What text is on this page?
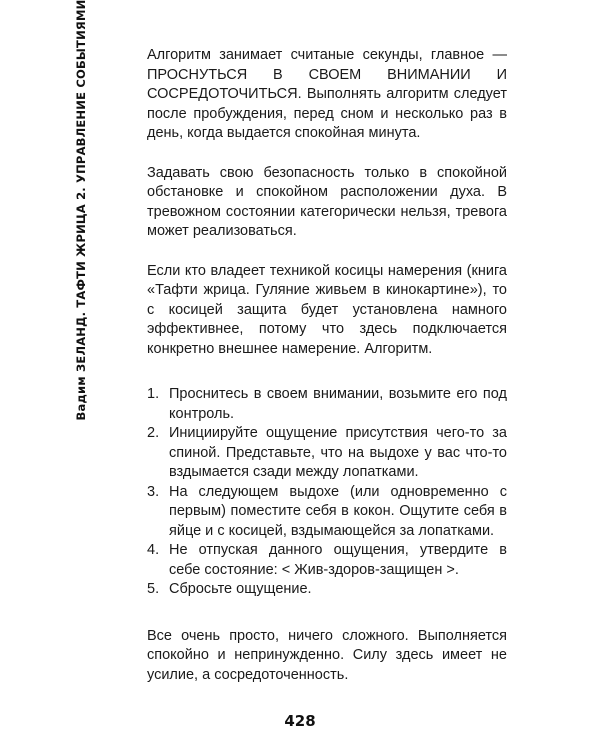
Вадим ЗЕЛАНД. ТАФТИ ЖРИЦА 2. УПРАВЛЕНИЕ СОБЫТИЯМИ	Алгоритм занимает считаные секунды, главное — ПРОСНУТЬСЯ В СВОЕМ ВНИМАНИИ И СОСРЕДОТОЧИТЬСЯ. Выполнять алгоритм следует после пробуждения, перед сном и несколько раз в день, когда выдается спокойная минута.

Задавать свою безопасность только в спокойной обстановке и спокойном расположении духа. В тревожном состоянии категорически нельзя, тревога может реализоваться.

Если кто владеет техникой косицы намерения (книга «Тафти жрица. Гуляние живьем в кинокартине»), то с косицей защита будет установлена намного эффективнее, потому что здесь подключается конкретно внешнее намерение. Алгоритм.

1. Проснитесь в своем внимании, возьмите его под контроль.
2. Инициируйте ощущение присутствия чего-то за спиной. Представьте, что на выдохе у вас что-то вздымается сзади между лопатками.
3. На следующем выдохе (или одновременно с первым) поместите себя в кокон. Ощутите себя в яйце и с косицей, вздымающейся за лопатками.
4. Не отпуская данного ощущения, утвердите в себе состояние: < Жив-здоров-защищен >.
5. Сбросьте ощущение.

Все очень просто, ничего сложного. Выполняется спокойно и непринужденно. Силу здесь имеет не усилие, а сосредоточенность.

428
